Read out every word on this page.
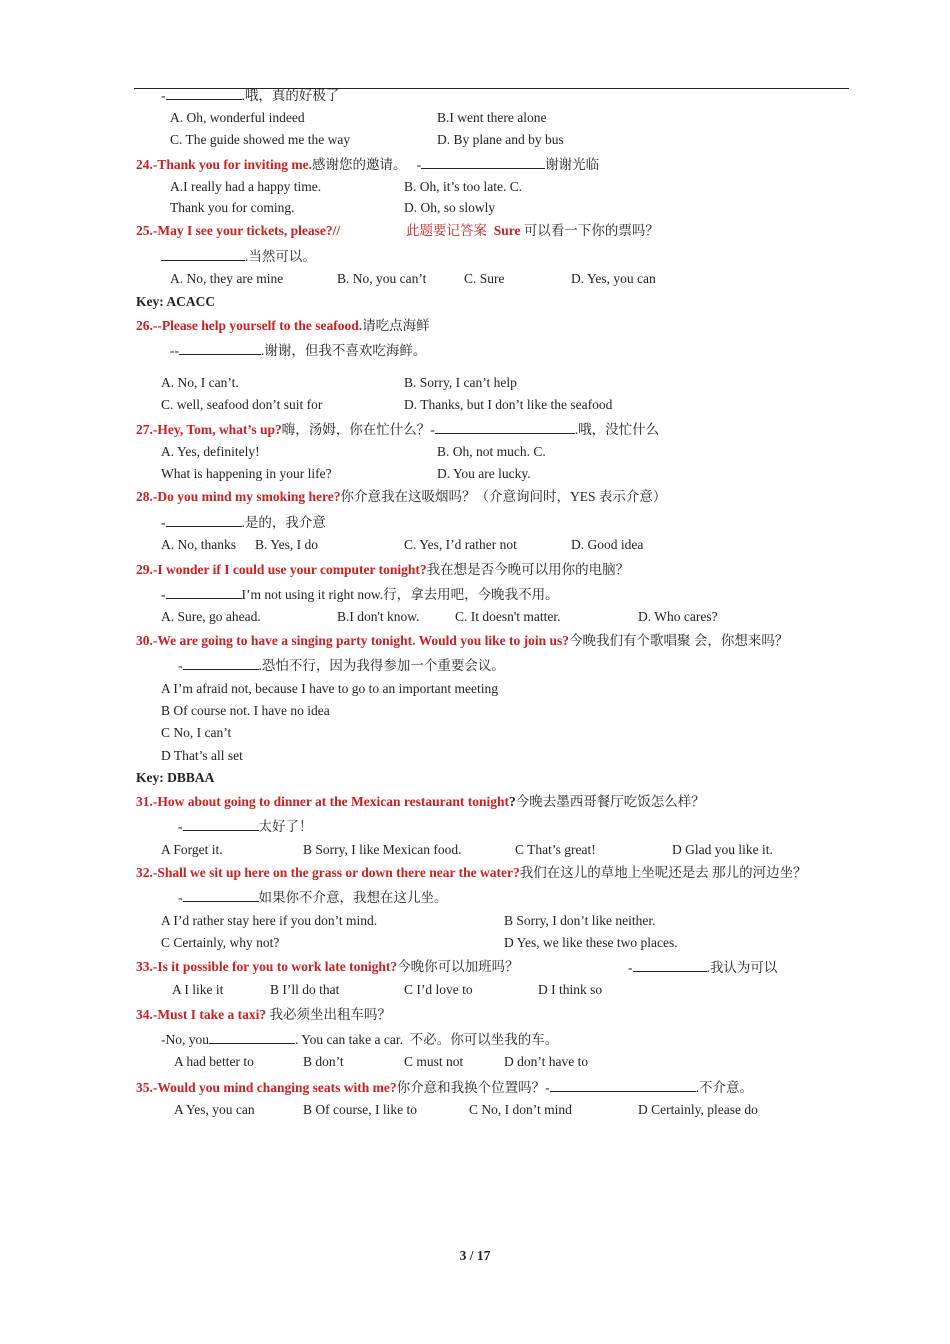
-	.哦，真的好极了
A. Oh, wonderful indeed	B.I went there alone
C. The guide showed me the way	D. By plane and by bus
24.-Thank you for inviting me.感谢您的邀请。 -	谢谢光临
A.I really had a happy time.	B. Oh, it’s too late. C.
Thank you for coming.	D. Oh, so slowly
25.-May I see your tickets, please?//	此题要记答案 Sure 可以看一下你的票吗？
.当然可以。
A. No, they are mine	B. No, you can’t	C. Sure	D. Yes, you can
Key: ACACC
26.--Please help yourself to the seafood.请吃点海鲜
--	.谢谢，但我不喜欢吃海鲜。
A. No, I can’t.	B. Sorry, I can’t help
C. well, seafood don’t suit for	D. Thanks, but I don’t like the seafood
27.-Hey, Tom, what’s up?嗨，汤姆，你在忙什么？-	.哦，没忙什么
A. Yes, definitely!	B. Oh, not much. C.
What is happening in your life?	D. You are lucky.
28.-Do you mind my smoking here?你介意我在这吸烟吗？（介意询问时，YES 表示介意）
-	.是的，我介意
A. No, thanks B. Yes, I do	C. Yes, I’d rather not	D. Good idea
29.-I wonder if I could use your computer tonight?我在想是否今晚可以用你的电脑？
-	I’m not using it right now.行，拿去用吧，今晚我不用。
A. Sure, go ahead.	B.I don't know.	C. It doesn't matter.	D. Who cares?
30.-We are going to have a singing party tonight. Would you like to join us?今晚我们有个歌唱聚 会，你想来吗？
-	.恐怕不行，因为我得参加一个重要会议。
A I’m afraid not, because I have to go to an important meeting
B Of course not. I have no idea
C No, I can’t
D That’s all set
Key: DBBAA
31.-How about going to dinner at the Mexican restaurant tonight?今晚去墨西哥餐厅吃饭怎么样？
-	太好了！
A Forget it.	B Sorry, I like Mexican food.	C That’s great!	D Glad you like it.
32.-Shall we sit up here on the grass or down there near the water?我们在这儿的草地上坐呢还是去 那儿的河边坐？
-	如果你不介意，我想在这儿坐。
A I’d rather stay here if you don’t mind.	B Sorry, I don’t like neither.
C Certainly, why not?	D Yes, we like these two places.
33.-Is it possible for you to work late tonight?今晚你可以加班吗？	-	.我认为可以
A I like it	B I’ll do that	C I’d love to	D I think so
34.-Must I take a taxi? 我必须坐出租车吗？
-No, you	. You can take a car. 不必。你可以坐我的车。
A had better to	B don’t	C must not	D don’t have to
35.-Would you mind changing seats with me?你介意和我换个位置吗？-	.不介意。
A Yes, you can	B Of course, I like to	C No, I don’t mind	D Certainly, please do
3 / 17
